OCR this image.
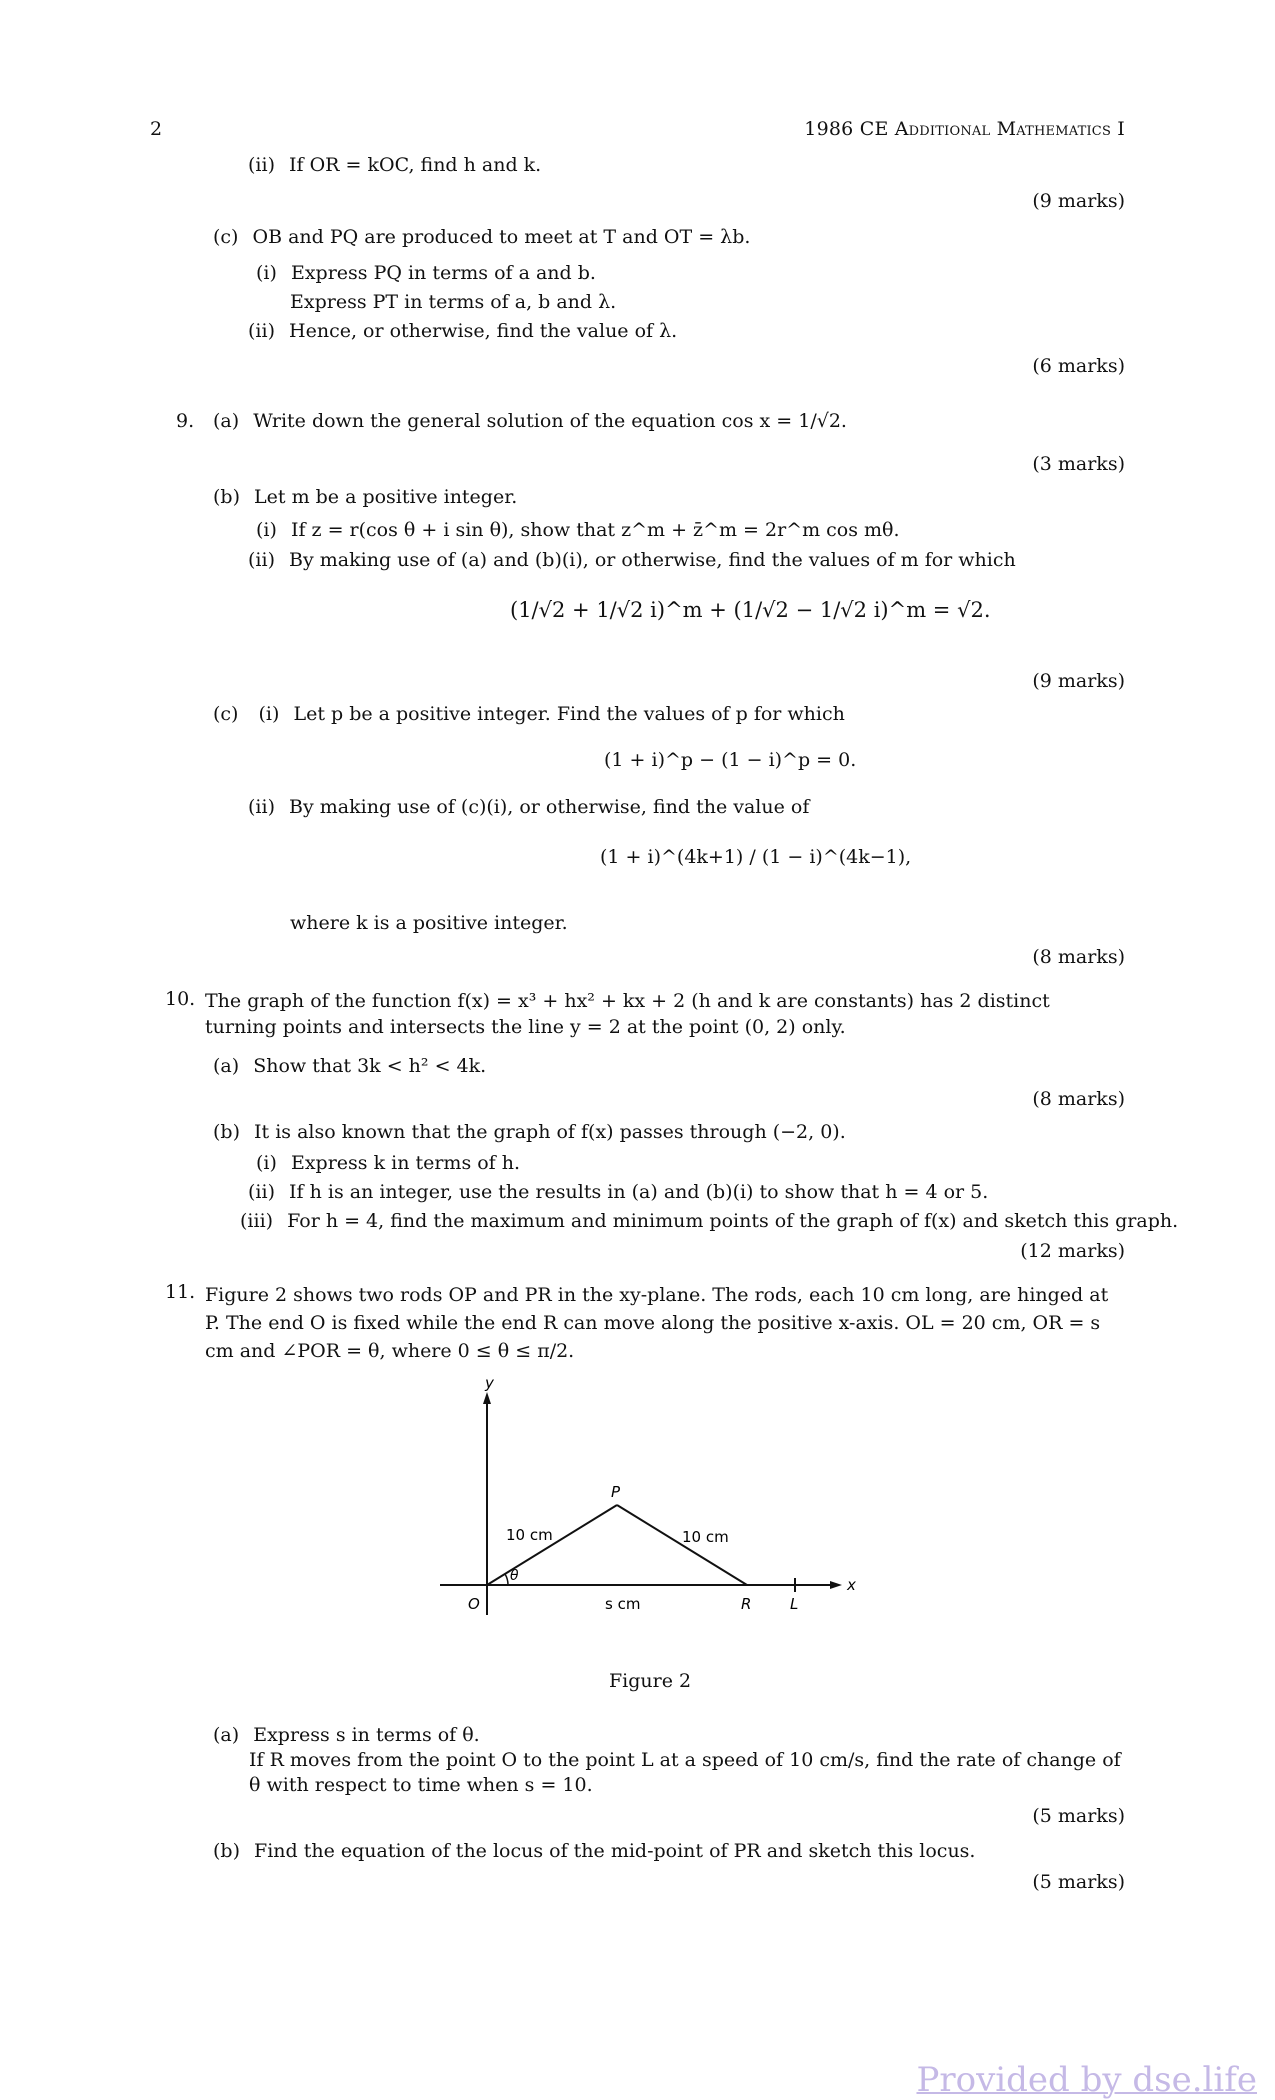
2	1986 CE Additional Mathematics I
(ii) If OR = kOC, find h and k.
(9 marks)
(c) OB and PQ are produced to meet at T and OT = λb.
(i) Express PQ in terms of a and b.
Express PT in terms of a, b and λ.
(ii) Hence, or otherwise, find the value of λ.
(6 marks)
9. (a) Write down the general solution of the equation cos x = 1/√2.
(3 marks)
(b) Let m be a positive integer.
(i) If z = r(cos θ + i sin θ), show that z^m + z̄^m = 2r^m cos mθ.
(ii) By making use of (a) and (b)(i), or otherwise, find the values of m for which
(1/√2 + 1/√2 i)^m + (1/√2 − 1/√2 i)^m = √2.
(9 marks)
(c) (i) Let p be a positive integer. Find the values of p for which
(1 + i)^p − (1 − i)^p = 0.
(ii) By making use of (c)(i), or otherwise, find the value of
(1 + i)^(4k+1) / (1 − i)^(4k−1),
where k is a positive integer.
(8 marks)
10. The graph of the function f(x) = x³ + hx² + kx + 2 (h and k are constants) has 2 distinct turning points and intersects the line y = 2 at the point (0, 2) only.
(a) Show that 3k < h² < 4k.
(8 marks)
(b) It is also known that the graph of f(x) passes through (−2, 0).
(i) Express k in terms of h.
(ii) If h is an integer, use the results in (a) and (b)(i) to show that h = 4 or 5.
(iii) For h = 4, find the maximum and minimum points of the graph of f(x) and sketch this graph.
(12 marks)
11. Figure 2 shows two rods OP and PR in the xy-plane. The rods, each 10 cm long, are hinged at P. The end O is fixed while the end R can move along the positive x-axis. OL = 20 cm, OR = s cm and ∠POR = θ, where 0 ≤ θ ≤ π/2.
y
x
O
P
R	L
θ
10 cm	10 cm
s cm
Figure 2
(a) Express s in terms of θ.
If R moves from the point O to the point L at a speed of 10 cm/s, find the rate of change of θ with respect to time when s = 10.
(5 marks)
(b) Find the equation of the locus of the mid-point of PR and sketch this locus.
(5 marks)
Provided by dse.life
